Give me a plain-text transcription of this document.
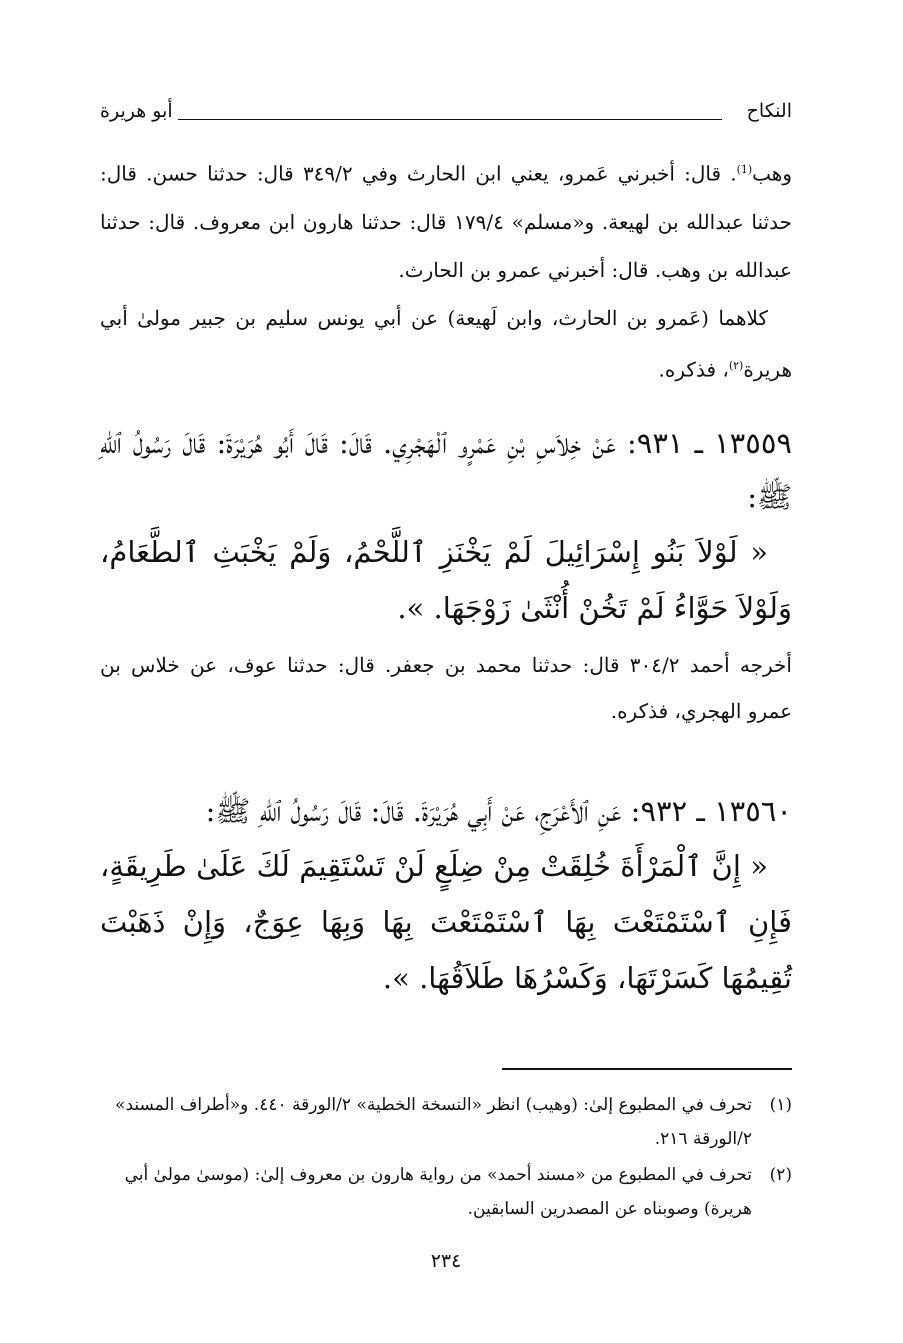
النكاح
أبو هريرة
وهب$^{(1)}$. قال: أخبرني عَمرو، يعني ابن الحارث وفي ٣٤٩/٢ قال: حدثنا حسن. قال: حدثنا عبدالله بن لهيعة. و«مسلم» ١٧٩/٤ قال: حدثنا هارون ابن معروف. قال: حدثنا عبدالله بن وهب. قال: أخبرني عمرو بن الحارث.
كلاهما (عَمرو بن الحارث، وابن لَهيعة) عن أبي يونس سليم بن جبير مولىٰ أبي هريرة$^{(٢)}$، فذكره.
١٣٥٥٩ ـ ٩٣١: عَنْ خِلاَسِ بْنِ عَمْرٍو ٱلْهَجْرِي. قَالَ: قَالَ أَبُو هُرَيْرَةَ: قَالَ رَسُولُ ٱللهِ ﷺ:
« لَوْلاَ بَنُو إِسْرَائِيلَ لَمْ يَخْنَزِ ٱللَّحْمُ، وَلَمْ يَخْبَثِ ٱلطَّعَامُ، وَلَوْلاَ حَوَّاءُ لَمْ تَخُنْ أُنْثَىٰ زَوْجَهَا. ».
أخرجه أحمد ٣٠٤/٢ قال: حدثنا محمد بن جعفر. قال: حدثنا عوف، عن خلاس بن عمرو الهجري، فذكره.
١٣٥٦٠ ـ ٩٣٢: عَنِ ٱلأَعْرَجِ، عَنْ أَبِي هُرَيْرَةَ. قَالَ: قَالَ رَسُولُ ٱللهِ ﷺ:
« إِنَّ ٱلْمَرْأَةَ خُلِقَتْ مِنْ ضِلَعٍ لَنْ تَسْتَقِيمَ لَكَ عَلَىٰ طَرِيقَةٍ، فَإِنِ ٱسْتَمْتَعْتَ بِهَا ٱسْتَمْتَعْتَ بِهَا وَبِهَا عِوَجٌ، وَإِنْ ذَهَبْتَ تُقِيمُهَا كَسَرْتَهَا، وَكَسْرُهَا طَلاَقُهَا. ».
(١)
تحرف في المطبوع إلىٰ: (وهيب) انظر «النسخة الخطية» ٢/الورقة ٤٤٠. و«أطراف المسند» ٢/الورقة ٢١٦.
(٢)
تحرف في المطبوع من «مسند أحمد» من رواية هارون بن معروف إلىٰ: (موسىٰ مولىٰ أبي هريرة) وصوبناه عن المصدرين السابقين.
٢٣٤
